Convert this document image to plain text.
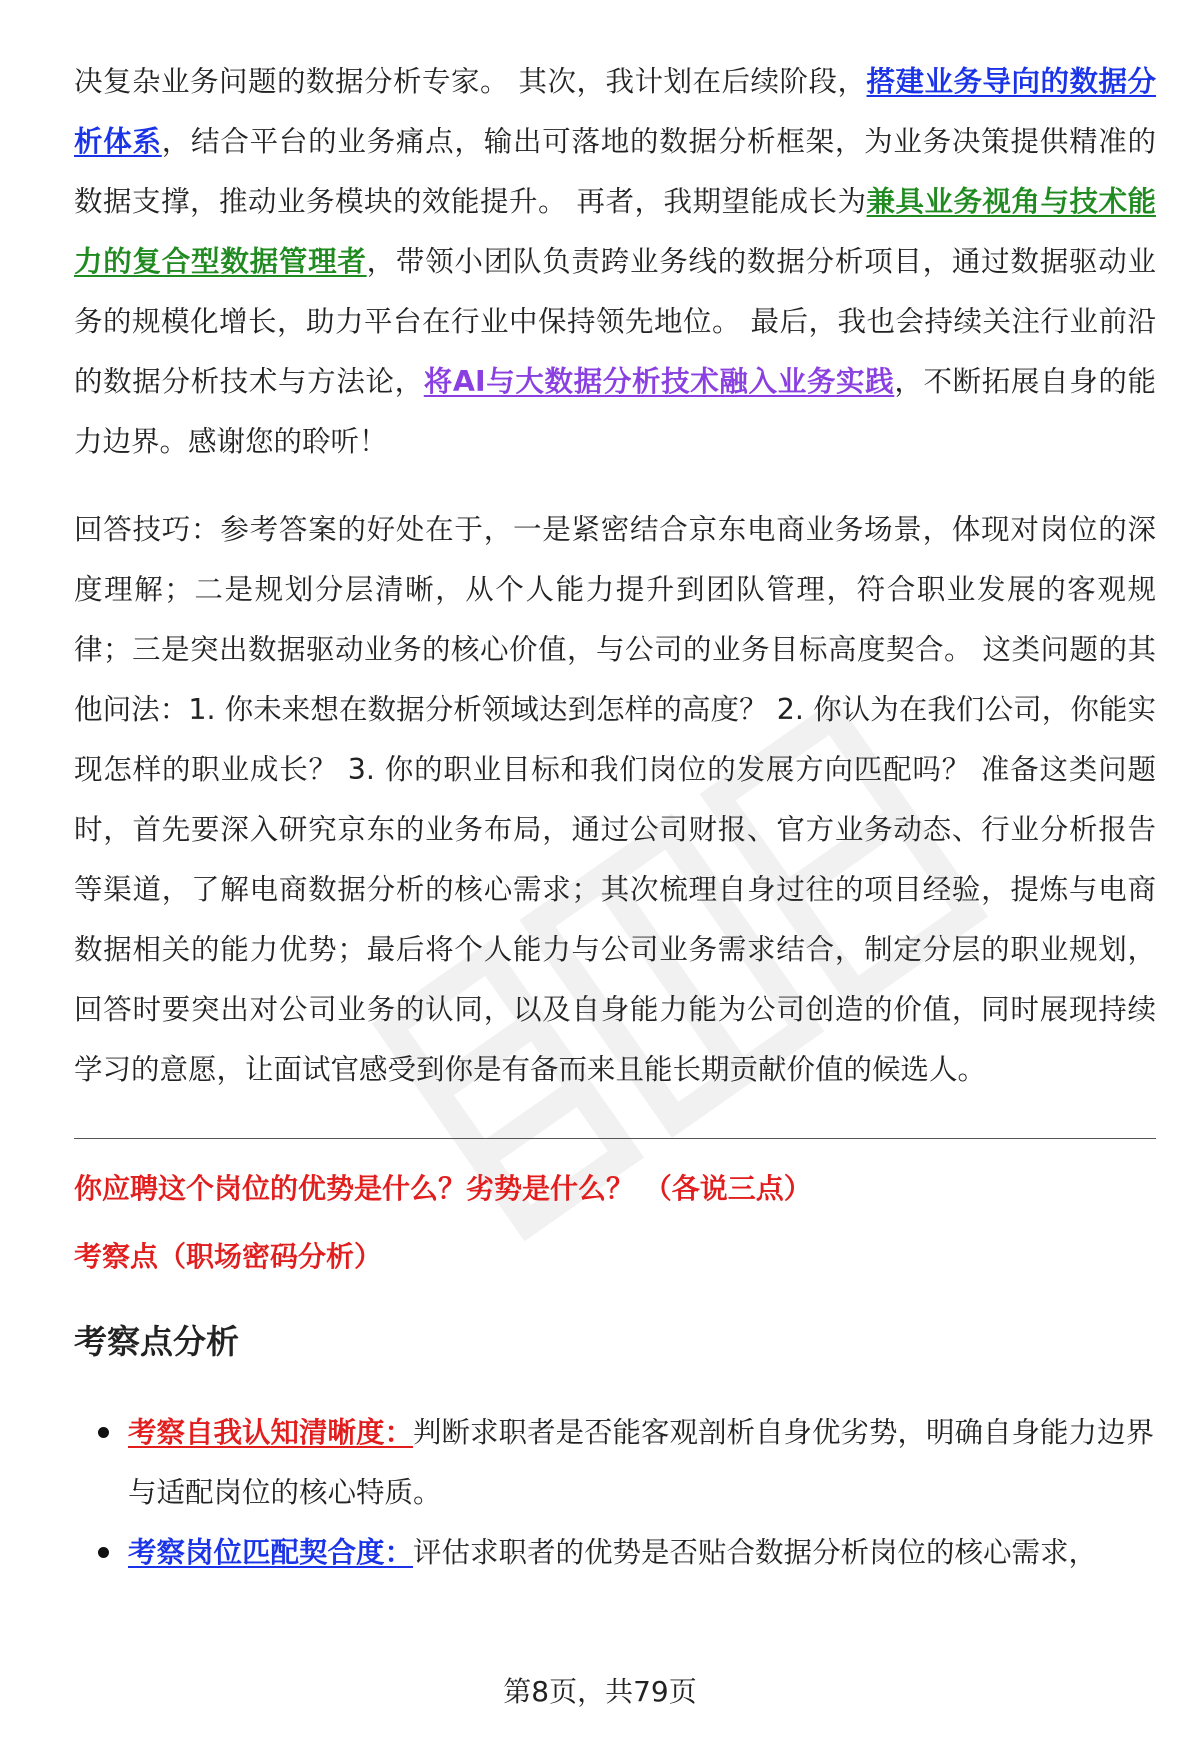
决复杂业务问题的数据分析专家。 其次，我计划在后续阶段，搭建业务导向的数据分析体系，结合平台的业务痛点，输出可落地的数据分析框架，为业务决策提供精准的数据支撑，推动业务模块的效能提升。 再者，我期望能成长为兼具业务视角与技术能力的复合型数据管理者，带领小团队负责跨业务线的数据分析项目，通过数据驱动业务的规模化增长，助力平台在行业中保持领先地位。 最后，我也会持续关注行业前沿的数据分析技术与方法论，将AI与大数据分析技术融入业务实践，不断拓展自身的能力边界。感谢您的聆听！

回答技巧：参考答案的好处在于，一是紧密结合京东电商业务场景，体现对岗位的深度理解；二是规划分层清晰，从个人能力提升到团队管理，符合职业发展的客观规律；三是突出数据驱动业务的核心价值，与公司的业务目标高度契合。 这类问题的其他问法：1. 你未来想在数据分析领域达到怎样的高度？ 2. 你认为在我们公司，你能实现怎样的职业成长？ 3. 你的职业目标和我们岗位的发展方向匹配吗？ 准备这类问题时，首先要深入研究京东的业务布局，通过公司财报、官方业务动态、行业分析报告等渠道，了解电商数据分析的核心需求；其次梳理自身过往的项目经验，提炼与电商数据相关的能力优势；最后将个人能力与公司业务需求结合，制定分层的职业规划，回答时要突出对公司业务的认同，以及自身能力能为公司创造的价值，同时展现持续学习的意愿，让面试官感受到你是有备而来且能长期贡献价值的候选人。

你应聘这个岗位的优势是什么？劣势是什么？ （各说三点）
考察点（职场密码分析）
考察点分析
考察自我认知清晰度：判断求职者是否能客观剖析自身优劣势，明确自身能力边界与适配岗位的核心特质。
考察岗位匹配契合度：评估求职者的优势是否贴合数据分析岗位的核心需求，
第8页，共79页
